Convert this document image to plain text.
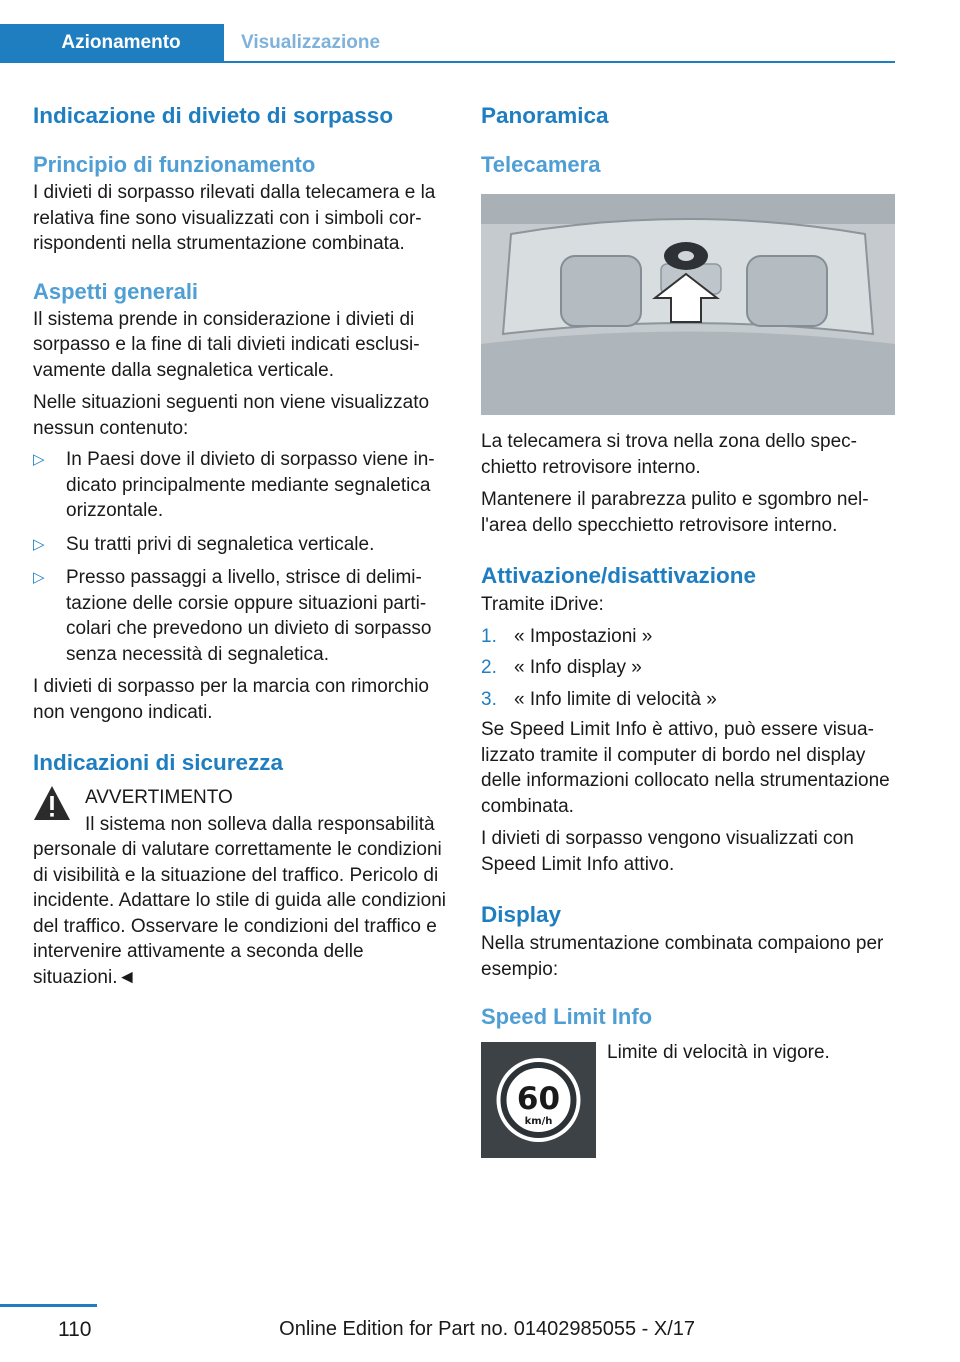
Azionamento	Visualizzazione
Indicazione di divieto di sorpasso
Principio di funzionamento

I divieti di sorpasso rilevati dalla telecamera e la relativa fine sono visualizzati con i simboli corrispondenti nella strumentazione combinata.

Aspetti generali

Il sistema prende in considerazione i divieti di sorpasso e la fine di tali divieti indicati esclusivamente dalla segnaletica verticale.

Nelle situazioni seguenti non viene visualizzato nessun contenuto:

▷ In Paesi dove il divieto di sorpasso viene indicato principalmente mediante segnaletica orizzontale.
▷ Su tratti privi di segnaletica verticale.
▷ Presso passaggi a livello, strisce di delimitazione delle corsie oppure situazioni particolari che prevedono un divieto di sorpasso senza necessità di segnaletica.

I divieti di sorpasso per la marcia con rimorchio non vengono indicati.

Indicazioni di sicurezza

AVVERTIMENTO

Il sistema non solleva dalla responsabilità personale di valutare correttamente le condizioni di visibilità e la situazione del traffico. Pericolo di incidente. Adattare lo stile di guida alle condizioni del traffico. Osservare le condizioni del traffico e intervenire attivamente a seconda delle situazioni.◄

Panoramica
Telecamera

La telecamera si trova nella zona dello specchietto retrovisore interno.

Mantenere il parabrezza pulito e sgombro nell'area dello specchietto retrovisore interno.

Attivazione/disattivazione

Tramite iDrive:

1. « Impostazioni »
2. « Info display »
3. « Info limite di velocità »

Se Speed Limit Info è attivo, può essere visualizzato tramite il computer di bordo nel display delle informazioni collocato nella strumentazione combinata.

I divieti di sorpasso vengono visualizzati con Speed Limit Info attivo.

Display

Nella strumentazione combinata compaiono per esempio:

Speed Limit Info
60
km/h

Limite di velocità in vigore.

110	Online Edition for Part no. 01402985055 - X/17
